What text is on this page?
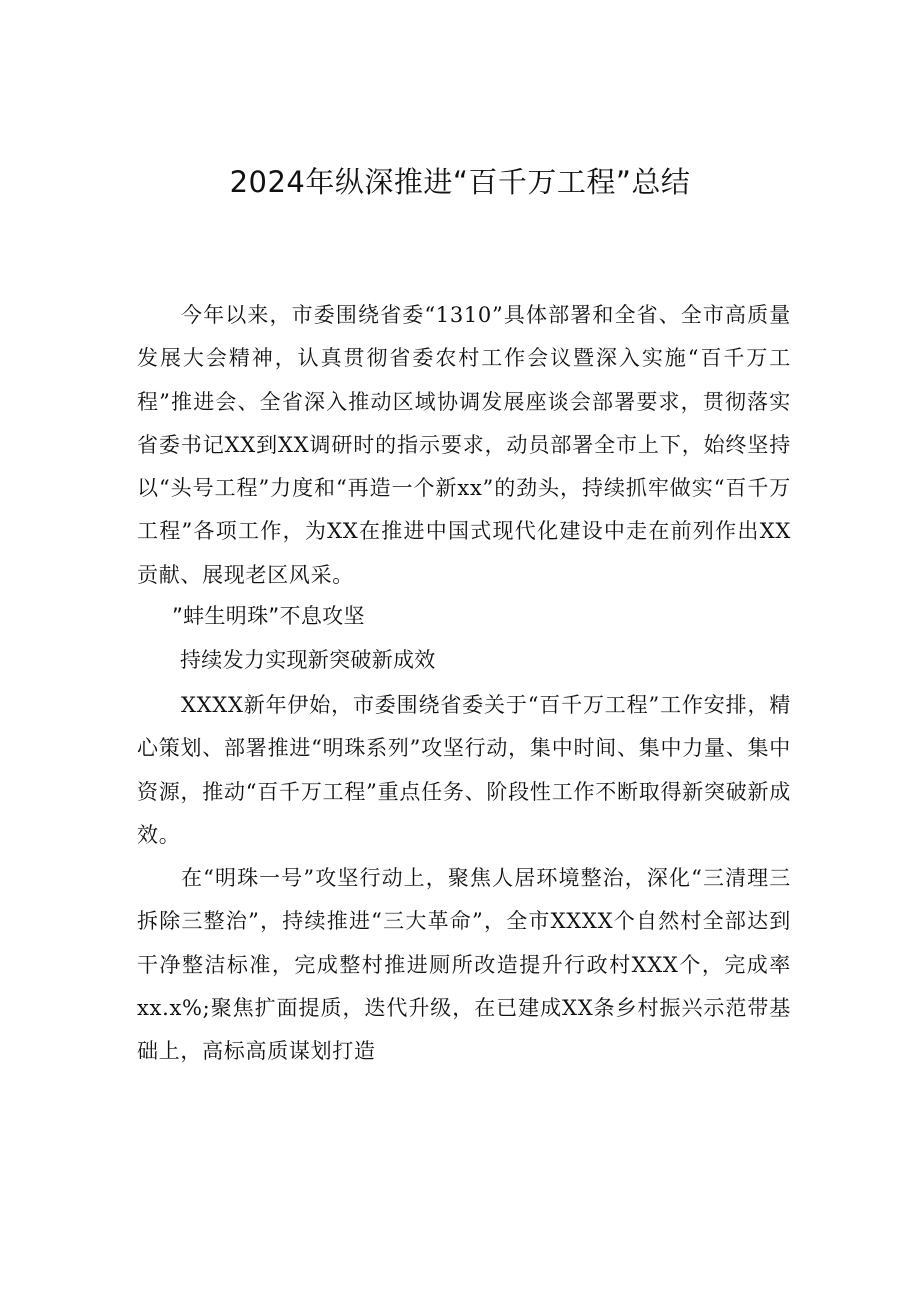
2024年纵深推进“百千万工程”总结

今年以来，市委围绕省委“1310”具体部署和全省、全市高质量发展大会精神，认真贯彻省委农村工作会议暨深入实施“百千万工程”推进会、全省深入推动区域协调发展座谈会部署要求，贯彻落实省委书记XX到XX调研时的指示要求，动员部署全市上下，始终坚持以“头号工程”力度和“再造一个新xx”的劲头，持续抓牢做实“百千万工程”各项工作，为XX在推进中国式现代化建设中走在前列作出XX贡献、展现老区风采。

”蚌生明珠”不息攻坚
持续发力实现新突破新成效

XXXX新年伊始，市委围绕省委关于“百千万工程”工作安排，精心策划、部署推进“明珠系列”攻坚行动，集中时间、集中力量、集中资源，推动“百千万工程”重点任务、阶段性工作不断取得新突破新成效。

在“明珠一号”攻坚行动上，聚焦人居环境整治，深化“三清理三拆除三整治”，持续推进“三大革命”，全市XXXX个自然村全部达到干净整洁标准，完成整村推进厕所改造提升行政村XXX个，完成率xx.x%;聚焦扩面提质，迭代升级，在已建成XX条乡村振兴示范带基础上，高标高质谋划打造
